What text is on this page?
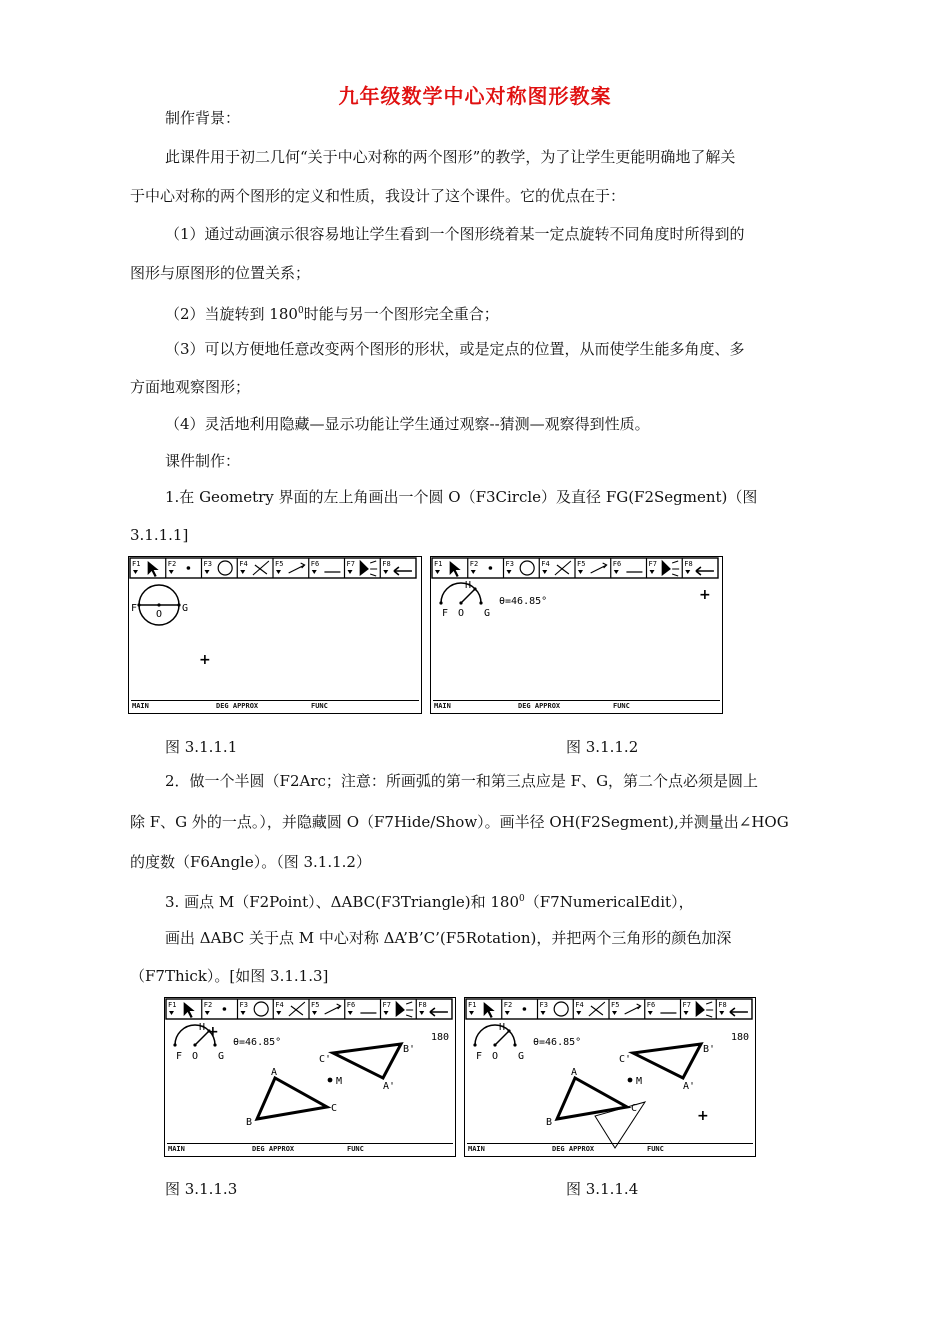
九年级数学中心对称图形教案
制作背景：
此课件用于初二几何“关于中心对称的两个图形”的教学，为了让学生更能明确地了解关
于中心对称的两个图形的定义和性质，我设计了这个课件。它的优点在于：
（1）通过动画演示很容易地让学生看到一个图形绕着某一定点旋转不同角度时所得到的
图形与原图形的位置关系；
（2）当旋转到 $180^0$时能与另一个图形完全重合；
（3）可以方便地任意改变两个图形的形状，或是定点的位置，从而使学生能多角度、多
方面地观察图形；
（4）灵活地利用隐藏—显示功能让学生通过观察--猜测—观察得到性质。
课件制作：
1.在 Geometry 界面的左上角画出一个圆 O（F3Circle）及直径 FG(F2Segment)（图
3.1.1.1]
F1	F2	F3	F4	F5	F6	F7	F8
F
O
G
+
MAIN	DEG APPROX	FUNC
F1	F2	F3	F4	F5	F6	F7	F8
H
F O G
θ=46.85°	+
MAIN	DEG APPROX	FUNC
图 3.1.1.1	图 3.1.1.2
2．做一个半圆（F2Arc；注意：所画弧的第一和第三点应是 F、G，第二个点必须是圆上
除 F、G 外的一点。），并隐藏圆 O（F7Hide/Show）。画半径 OH(F2Segment),并测量出∠HOG
的度数（F6Angle）。（图 3.1.1.2）
3. 画点 M（F2Point）、ΔABC(F3Triangle)和 $180^0(F7NumericalEdit)$，
画出 ΔABC 关于点 M 中心对称 ΔA’B’C’(F5Rotation)，并把两个三角形的颜色加深
（F7Thick）。[如图 3.1.1.3]
F1	F2	F3	F4	F5	F6	F7	F8
H +
F O G
θ=46.85°	180
M
A
B
C
A'
B'
C'
MAIN	DEG APPROX	FUNC
F1	F2	F3	F4	F5	F6	F7	F8
H
F O G
θ=46.85°	180
M
A
B
C
A'
B'
C'
+
MAIN	DEG APPROX	FUNC
图 3.1.1.3	图 3.1.1.4
